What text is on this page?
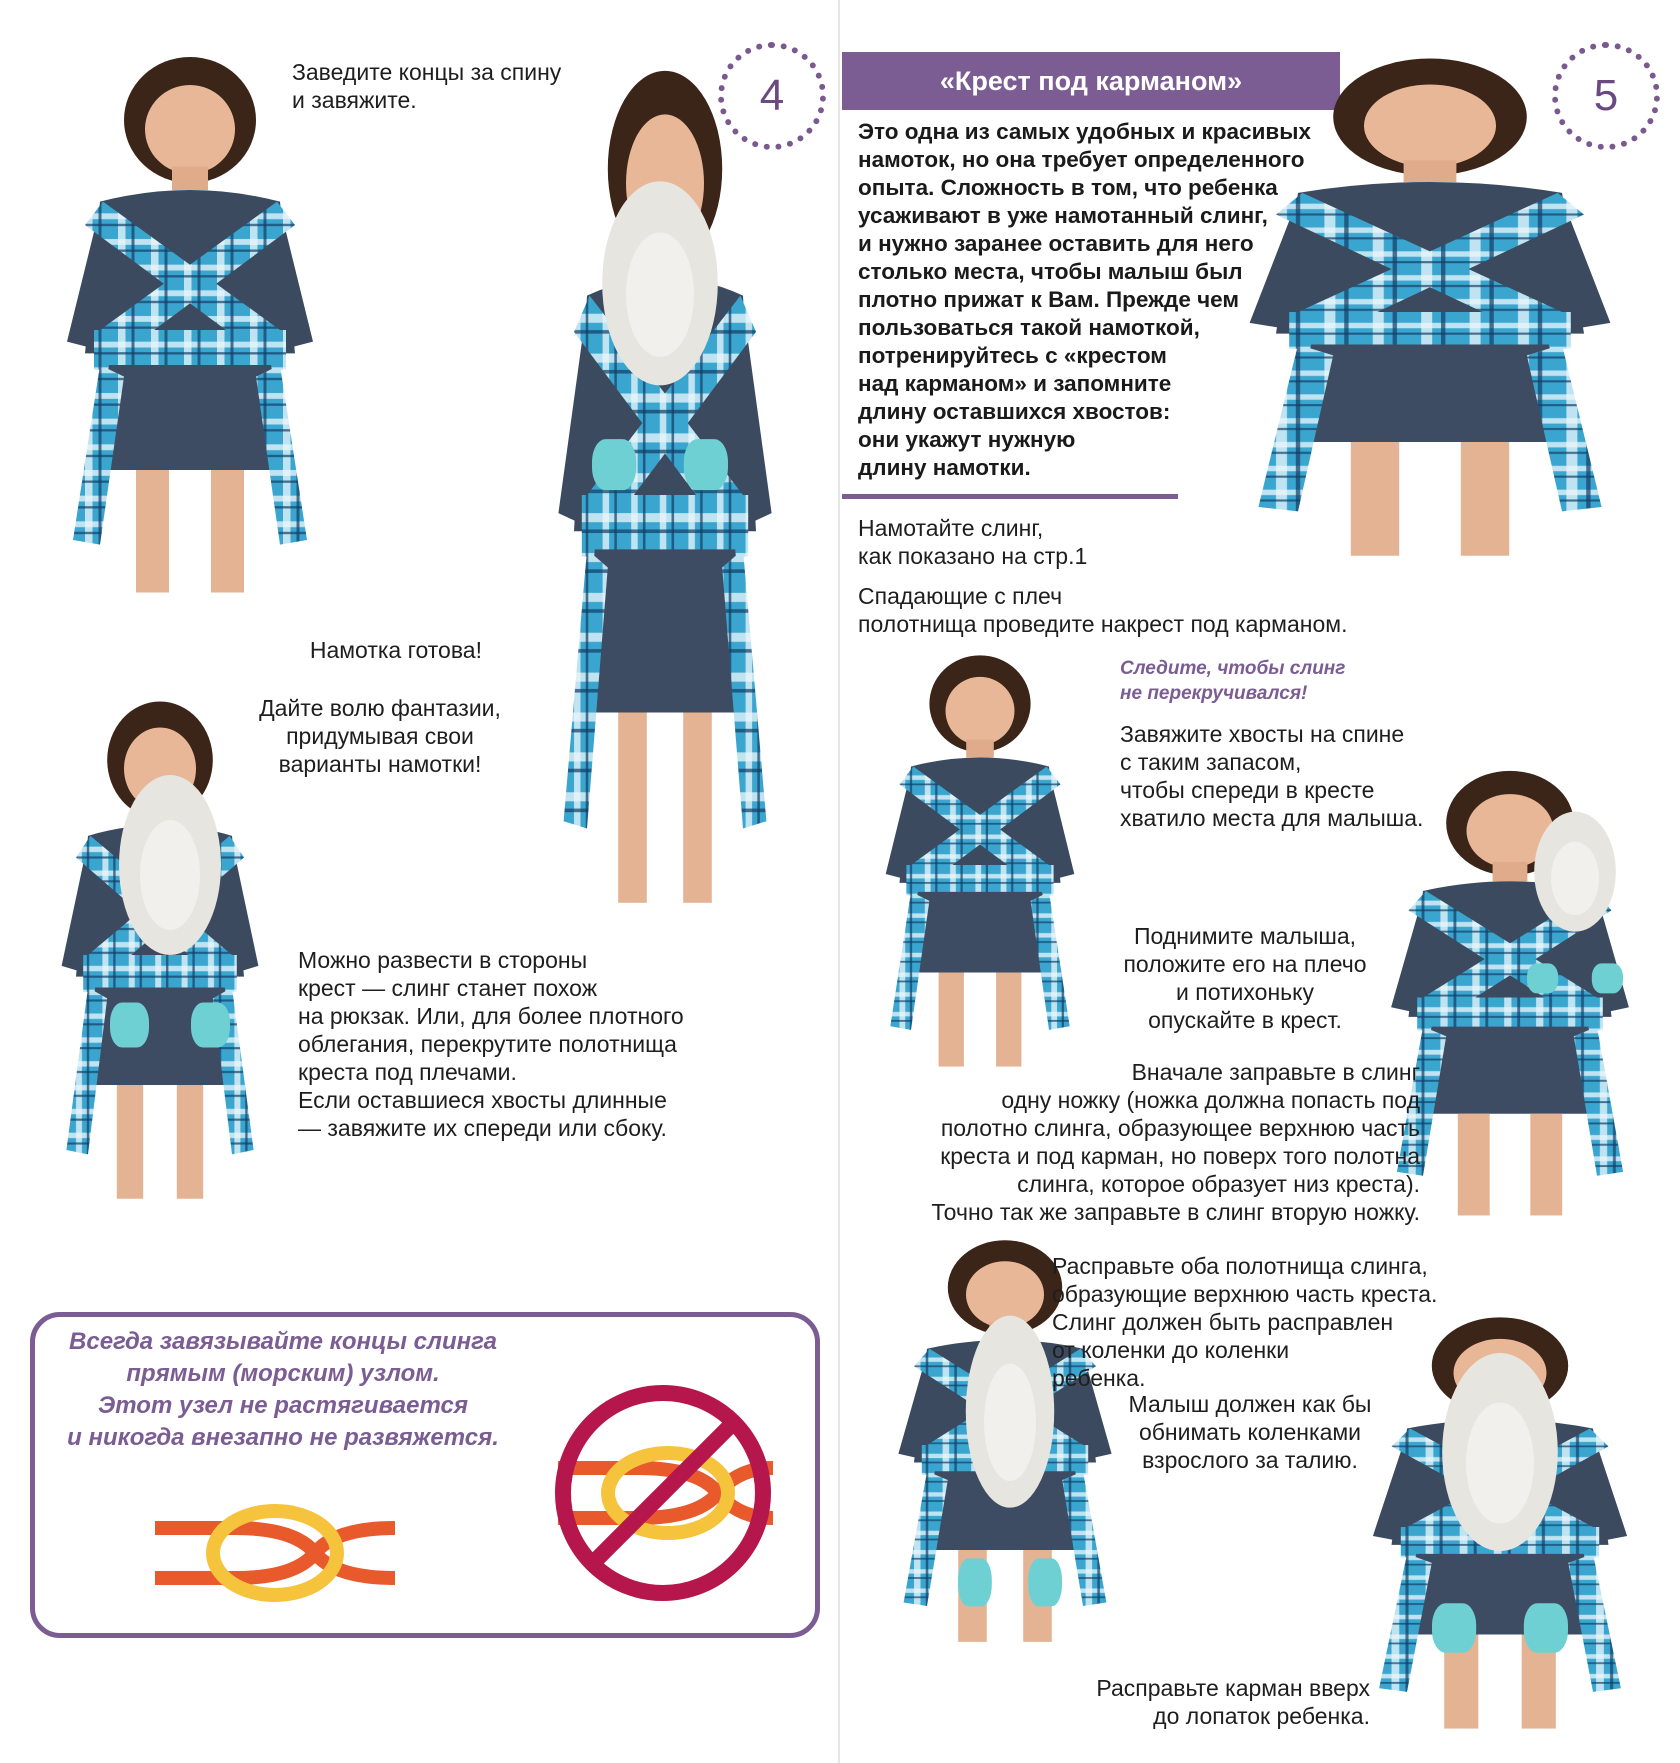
4
Заведите концы за спину
и завяжите.
Намотка готова!
Дайте волю фантазии,
придумывая свои
варианты намотки!
Можно развести в стороны
крест — слинг станет похож
на рюкзак. Или, для более плотного
облегания, перекрутите полотнища
креста под плечами.
Если оставшиеся хвосты длинные
— завяжите их спереди или сбоку.
Всегда завязывайте концы слинга
прямым (морским) узлом.
Этот узел не растягивается
и никогда внезапно не развяжется.
«Крест под карманом»	5
Это одна из самых удобных и красивых
намоток, но она требует определенного
опыта. Сложность в том, что ребенка
усаживают в уже намотанный слинг,
и нужно заранее оставить для него
столько места, чтобы малыш был
плотно прижат к Вам. Прежде чем
пользоваться такой намоткой,
потренируйтесь с «крестом
над карманом» и запомните
длину оставшихся хвостов:
они укажут нужную
длину намотки.
Намотайте слинг,
как показано на стр.1
Спадающие с плеч
полотнища проведите накрест под карманом.
Следите, чтобы слинг
не перекручивался!
Завяжите хвосты на спине
с таким запасом,
чтобы спереди в кресте
хватило места для малыша.
Поднимите малыша,
положите его на плечо
и потихоньку
опускайте в крест.
Вначале заправьте в слинг
одну ножку (ножка должна попасть под
полотно слинга, образующее верхнюю часть
креста и под карман, но поверх того полотна
слинга, которое образует низ креста).
Точно так же заправьте в слинг вторую ножку.
Расправьте оба полотнища слинга,
образующие верхнюю часть креста.
Слинг должен быть расправлен
от коленки до коленки
ребенка.
Малыш должен как бы
обнимать коленками
взрослого за талию.
Расправьте карман вверх
до лопаток ребенка.
